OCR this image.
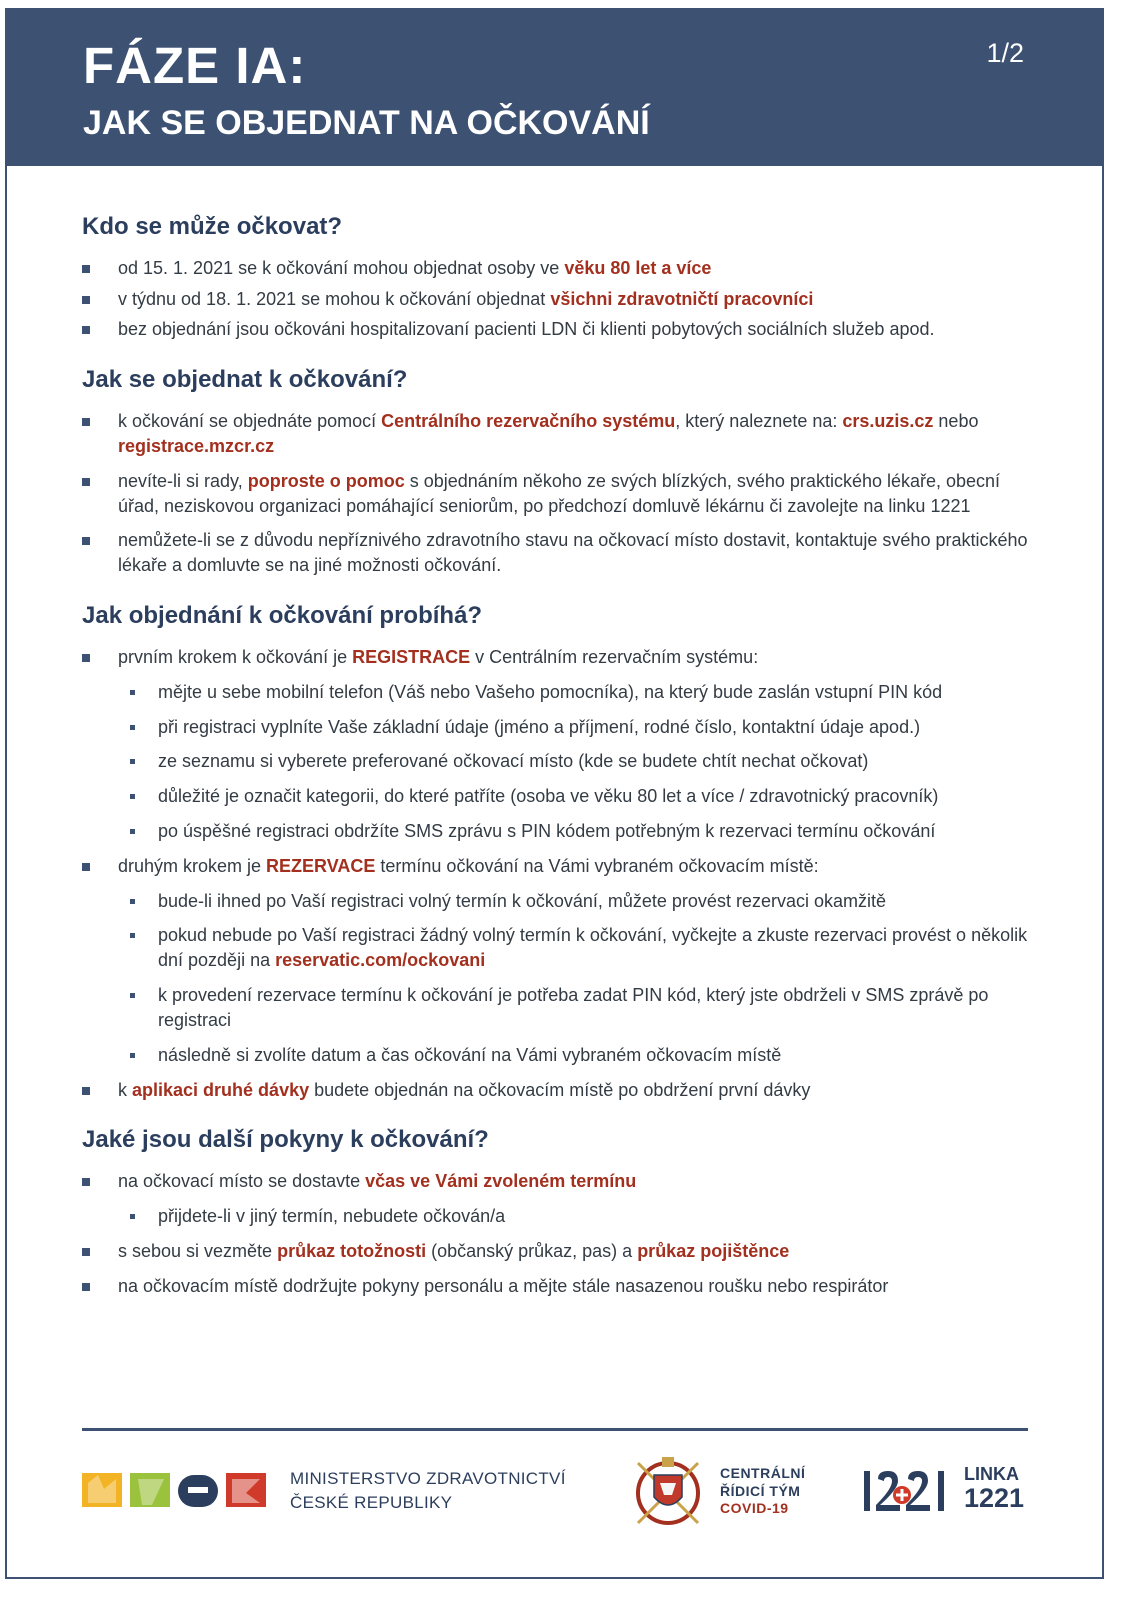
FÁZE IA:
JAK SE OBJEDNAT NA OČKOVÁNÍ
1/2
Kdo se může očkovat?
od 15. 1. 2021 se k očkování mohou objednat osoby ve věku 80 let a více
v týdnu od 18. 1. 2021 se mohou k očkování objednat všichni zdravotničtí pracovníci
bez objednání jsou očkováni hospitalizovaní pacienti LDN či klienti pobytových sociálních služeb apod.
Jak se objednat k očkování?
k očkování se objednáte pomocí Centrálního rezervačního systému, který naleznete na: crs.uzis.cz nebo registrace.mzcr.cz
nevíte-li si rady, poproste o pomoc s objednáním někoho ze svých blízkých, svého praktického lékaře, obecní úřad, neziskovou organizaci pomáhající seniorům, po předchozí domluvě lékárnu či zavolejte na linku 1221
nemůžete-li se z důvodu nepříznivého zdravotního stavu na očkovací místo dostavit, kontaktuje svého praktického lékaře a domluvte se na jiné možnosti očkování.
Jak objednání k očkování probíhá?
prvním krokem k očkování je REGISTRACE v Centrálním rezervačním systému:
mějte u sebe mobilní telefon (Váš nebo Vašeho pomocníka), na který bude zaslán vstupní PIN kód
při registraci vyplníte Vaše základní údaje (jméno a příjmení, rodné číslo, kontaktní údaje apod.)
ze seznamu si vyberete preferované očkovací místo (kde se budete chtít nechat očkovat)
důležité je označit kategorii, do které patříte (osoba ve věku 80 let a více / zdravotnický pracovník)
po úspěšné registraci obdržíte SMS zprávu s PIN kódem potřebným k rezervaci termínu očkování
druhým krokem je REZERVACE termínu očkování na Vámi vybraném očkovacím místě:
bude-li ihned po Vaší registraci volný termín k očkování, můžete provést rezervaci okamžitě
pokud nebude po Vaší registraci žádný volný termín k očkování, vyčkejte a zkuste rezervaci provést o několik dní později na reservatic.com/ockovani
k provedení rezervace termínu k očkování je potřeba zadat PIN kód, který jste obdrželi v SMS zprávě po registraci
následně si zvolíte datum a čas očkování na Vámi vybraném očkovacím místě
k aplikaci druhé dávky budete objednán na očkovacím místě po obdržení první dávky
Jaké jsou další pokyny k očkování?
na očkovací místo se dostavte včas ve Vámi zvoleném termínu
přijdete-li v jiný termín, nebudete očkován/a
s sebou si vezměte průkaz totožnosti (občanský průkaz, pas) a průkaz pojištěnce
na očkovacím místě dodržujte pokyny personálu a mějte stále nasazenou roušku nebo respirátor
MINISTERSTVO ZDRAVOTNICTVÍ
ČESKÉ REPUBLIKY
CENTRÁLNÍ
ŘÍDICÍ TÝM
COVID-19
LINKA
1221
